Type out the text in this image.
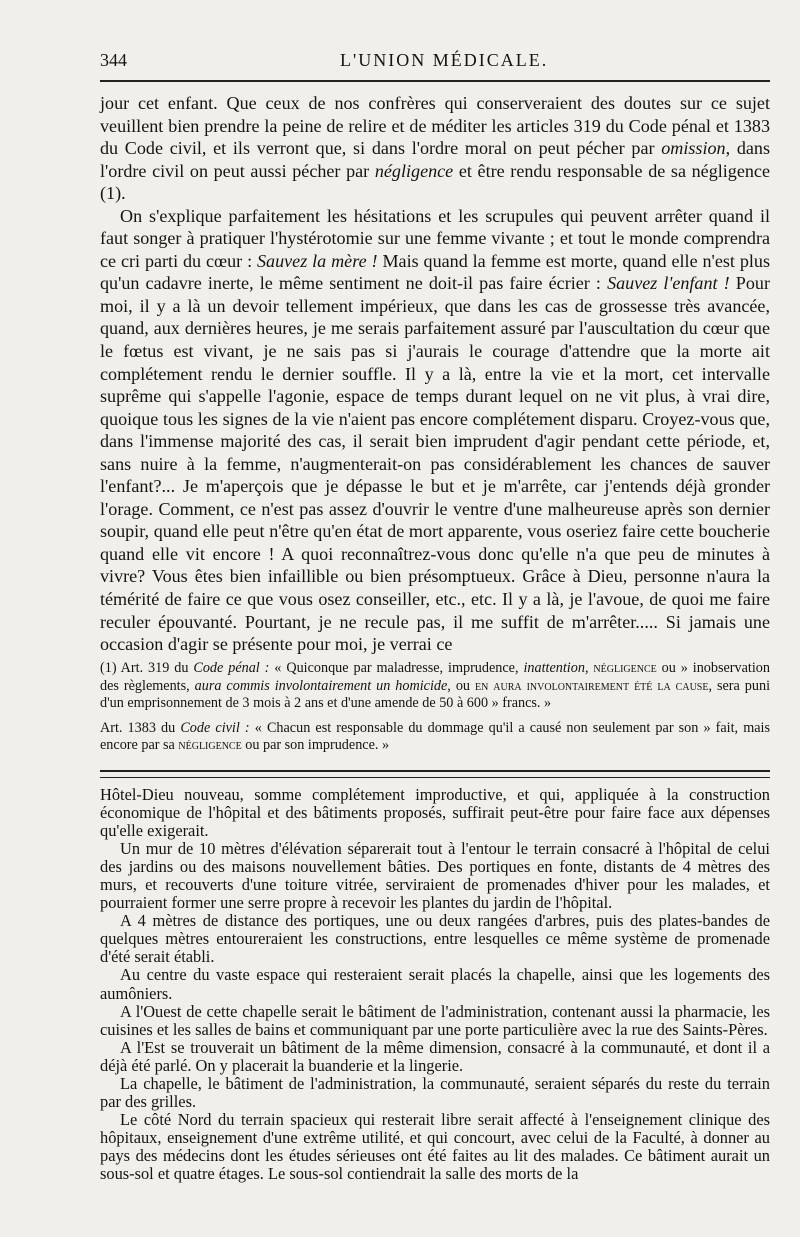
344	L'UNION MÉDICALE.

jour cet enfant. Que ceux de nos confrères qui conserveraient des doutes sur ce sujet veuillent bien prendre la peine de relire et de méditer les articles 319 du Code pénal et 1383 du Code civil, et ils verront que, si dans l'ordre moral on peut pécher par omission, dans l'ordre civil on peut aussi pécher par négligence et être rendu responsable de sa négligence (1).

On s'explique parfaitement les hésitations et les scrupules qui peuvent arrêter quand il faut songer à pratiquer l'hystérotomie sur une femme vivante ; et tout le monde comprendra ce cri parti du cœur : Sauvez la mère ! Mais quand la femme est morte, quand elle n'est plus qu'un cadavre inerte, le même sentiment ne doit-il pas faire écrier : Sauvez l'enfant ! Pour moi, il y a là un devoir tellement impérieux, que dans les cas de grossesse très avancée, quand, aux dernières heures, je me serais parfaitement assuré par l'auscultation du cœur que le fœtus est vivant, je ne sais pas si j'aurais le courage d'attendre que la morte ait complétement rendu le dernier souffle. Il y a là, entre la vie et la mort, cet intervalle suprême qui s'appelle l'agonie, espace de temps durant lequel on ne vit plus, à vrai dire, quoique tous les signes de la vie n'aient pas encore complétement disparu. Croyez-vous que, dans l'immense majorité des cas, il serait bien imprudent d'agir pendant cette période, et, sans nuire à la femme, n'augmenterait-on pas considérablement les chances de sauver l'enfant?... Je m'aperçois que je dépasse le but et je m'arrête, car j'entends déjà gronder l'orage. Comment, ce n'est pas assez d'ouvrir le ventre d'une malheureuse après son dernier soupir, quand elle peut n'être qu'en état de mort apparente, vous oseriez faire cette boucherie quand elle vit encore ! A quoi reconnaîtrez-vous donc qu'elle n'a que peu de minutes à vivre? Vous êtes bien infaillible ou bien présomptueux. Grâce à Dieu, personne n'aura la témérité de faire ce que vous osez conseiller, etc., etc. Il y a là, je l'avoue, de quoi me faire reculer épouvanté. Pourtant, je ne recule pas, il me suffit de m'arrêter..... Si jamais une occasion d'agir se présente pour moi, je verrai ce

(1) Art. 319 du Code pénal : « Quiconque par maladresse, imprudence, inattention, négligence ou » inobservation des règlements, aura commis involontairement un homicide, ou en aura involontairement été la cause, sera puni d'un emprisonnement de 3 mois à 2 ans et d'une amende de 50 à 600 » francs. »

Art. 1383 du Code civil : « Chacun est responsable du dommage qu'il a causé non seulement par son » fait, mais encore par sa négligence ou par son imprudence. »

Hôtel-Dieu nouveau, somme complétement improductive, et qui, appliquée à la construction économique de l'hôpital et des bâtiments proposés, suffirait peut-être pour faire face aux dépenses qu'elle exigerait.

Un mur de 10 mètres d'élévation séparerait tout à l'entour le terrain consacré à l'hôpital de celui des jardins ou des maisons nouvellement bâties. Des portiques en fonte, distants de 4 mètres des murs, et recouverts d'une toiture vitrée, serviraient de promenades d'hiver pour les malades, et pourraient former une serre propre à recevoir les plantes du jardin de l'hôpital.

A 4 mètres de distance des portiques, une ou deux rangées d'arbres, puis des plates-bandes de quelques mètres entoureraient les constructions, entre lesquelles ce même système de promenade d'été serait établi.

Au centre du vaste espace qui resteraient serait placés la chapelle, ainsi que les logements des aumôniers.

A l'Ouest de cette chapelle serait le bâtiment de l'administration, contenant aussi la pharmacie, les cuisines et les salles de bains et communiquant par une porte particulière avec la rue des Saints-Pères.

A l'Est se trouverait un bâtiment de la même dimension, consacré à la communauté, et dont il a déjà été parlé. On y placerait la buanderie et la lingerie.

La chapelle, le bâtiment de l'administration, la communauté, seraient séparés du reste du terrain par des grilles.

Le côté Nord du terrain spacieux qui resterait libre serait affecté à l'enseignement clinique des hôpitaux, enseignement d'une extrême utilité, et qui concourt, avec celui de la Faculté, à donner au pays des médecins dont les études sérieuses ont été faites au lit des malades. Ce bâtiment aurait un sous-sol et quatre étages. Le sous-sol contiendrait la salle des morts de la
